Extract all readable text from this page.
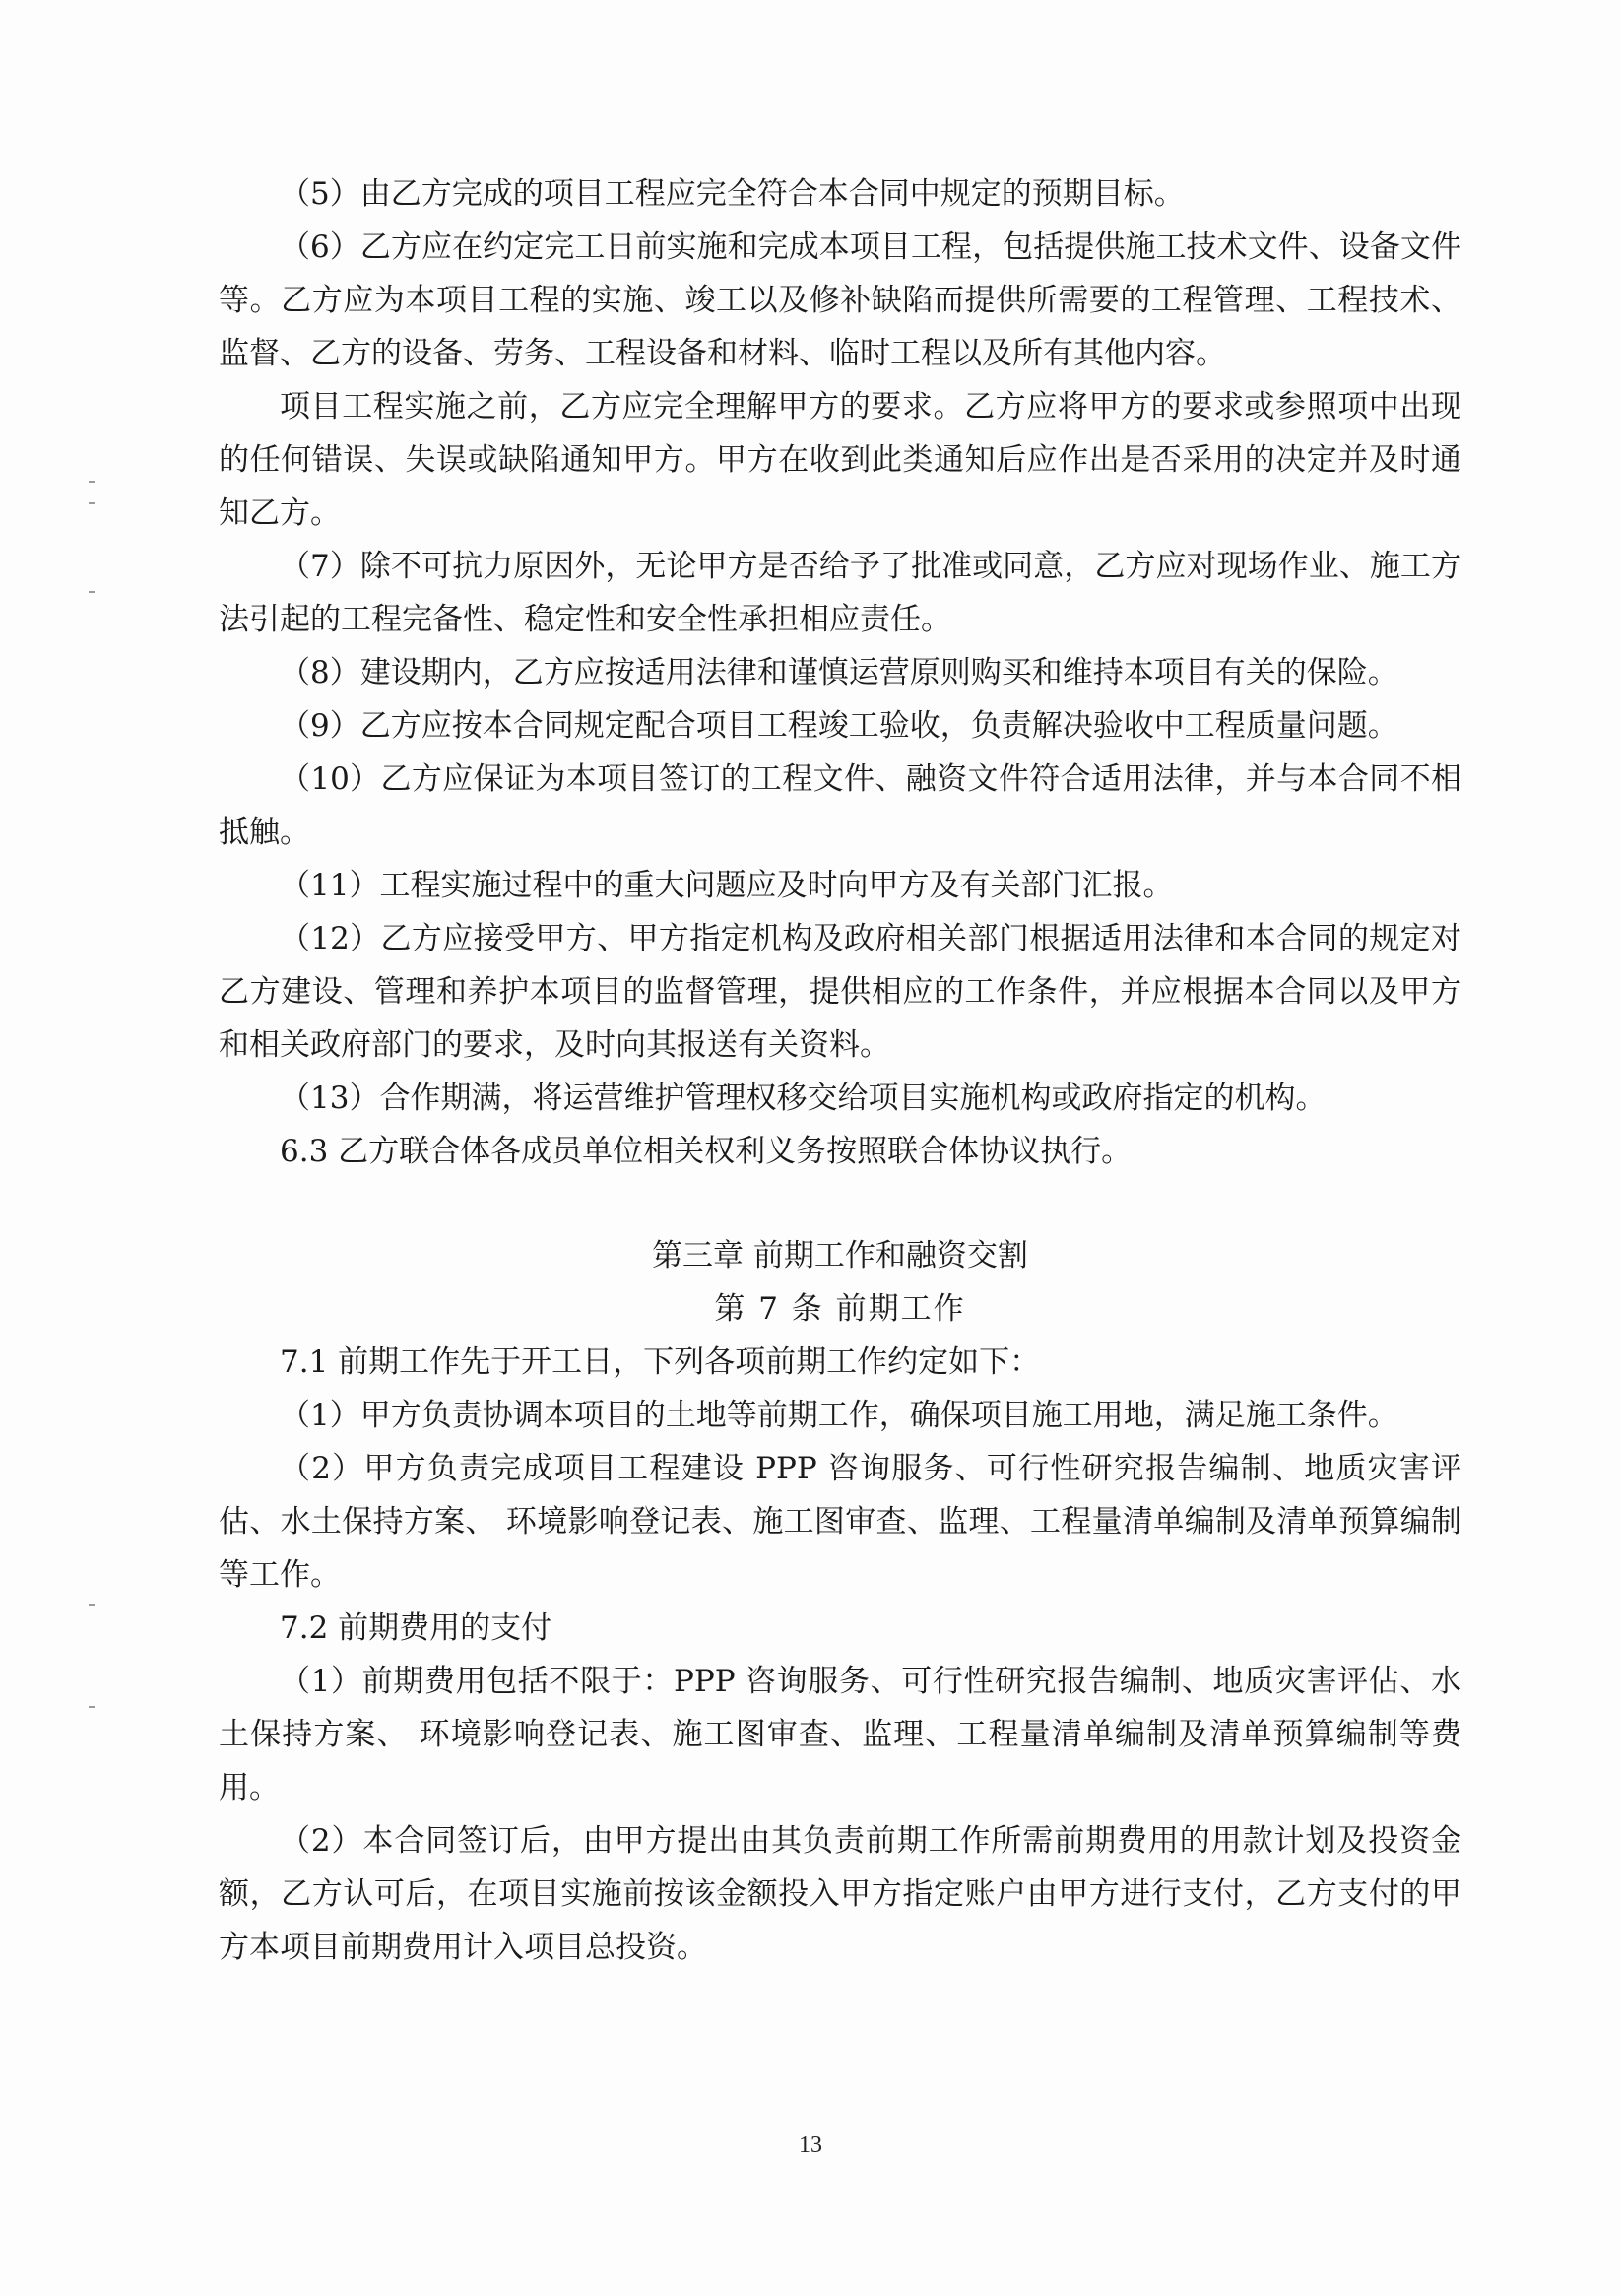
（5）由乙方完成的项目工程应完全符合本合同中规定的预期目标。

（6）乙方应在约定完工日前实施和完成本项目工程，包括提供施工技术文件、设备文件等。乙方应为本项目工程的实施、竣工以及修补缺陷而提供所需要的工程管理、工程技术、监督、乙方的设备、劳务、工程设备和材料、临时工程以及所有其他内容。

项目工程实施之前，乙方应完全理解甲方的要求。乙方应将甲方的要求或参照项中出现的任何错误、失误或缺陷通知甲方。甲方在收到此类通知后应作出是否采用的决定并及时通知乙方。

（7）除不可抗力原因外，无论甲方是否给予了批准或同意，乙方应对现场作业、施工方法引起的工程完备性、稳定性和安全性承担相应责任。

（8）建设期内，乙方应按适用法律和谨慎运营原则购买和维持本项目有关的保险。

（9）乙方应按本合同规定配合项目工程竣工验收，负责解决验收中工程质量问题。

（10）乙方应保证为本项目签订的工程文件、融资文件符合适用法律，并与本合同不相抵触。

（11）工程实施过程中的重大问题应及时向甲方及有关部门汇报。

（12）乙方应接受甲方、甲方指定机构及政府相关部门根据适用法律和本合同的规定对乙方建设、管理和养护本项目的监督管理，提供相应的工作条件，并应根据本合同以及甲方和相关政府部门的要求，及时向其报送有关资料。

（13）合作期满，将运营维护管理权移交给项目实施机构或政府指定的机构。

6.3 乙方联合体各成员单位相关权利义务按照联合体协议执行。

第三章 前期工作和融资交割

第 7 条 前期工作

7.1 前期工作先于开工日，下列各项前期工作约定如下：

（1）甲方负责协调本项目的土地等前期工作，确保项目施工用地，满足施工条件。

（2）甲方负责完成项目工程建设 PPP 咨询服务、可行性研究报告编制、地质灾害评估、水土保持方案、 环境影响登记表、施工图审查、监理、工程量清单编制及清单预算编制等工作。

7.2 前期费用的支付

（1）前期费用包括不限于：PPP 咨询服务、可行性研究报告编制、地质灾害评估、水土保持方案、 环境影响登记表、施工图审查、监理、工程量清单编制及清单预算编制等费用。

（2）本合同签订后，由甲方提出由其负责前期工作所需前期费用的用款计划及投资金额，乙方认可后，在项目实施前按该金额投入甲方指定账户由甲方进行支付，乙方支付的甲方本项目前期费用计入项目总投资。

13
